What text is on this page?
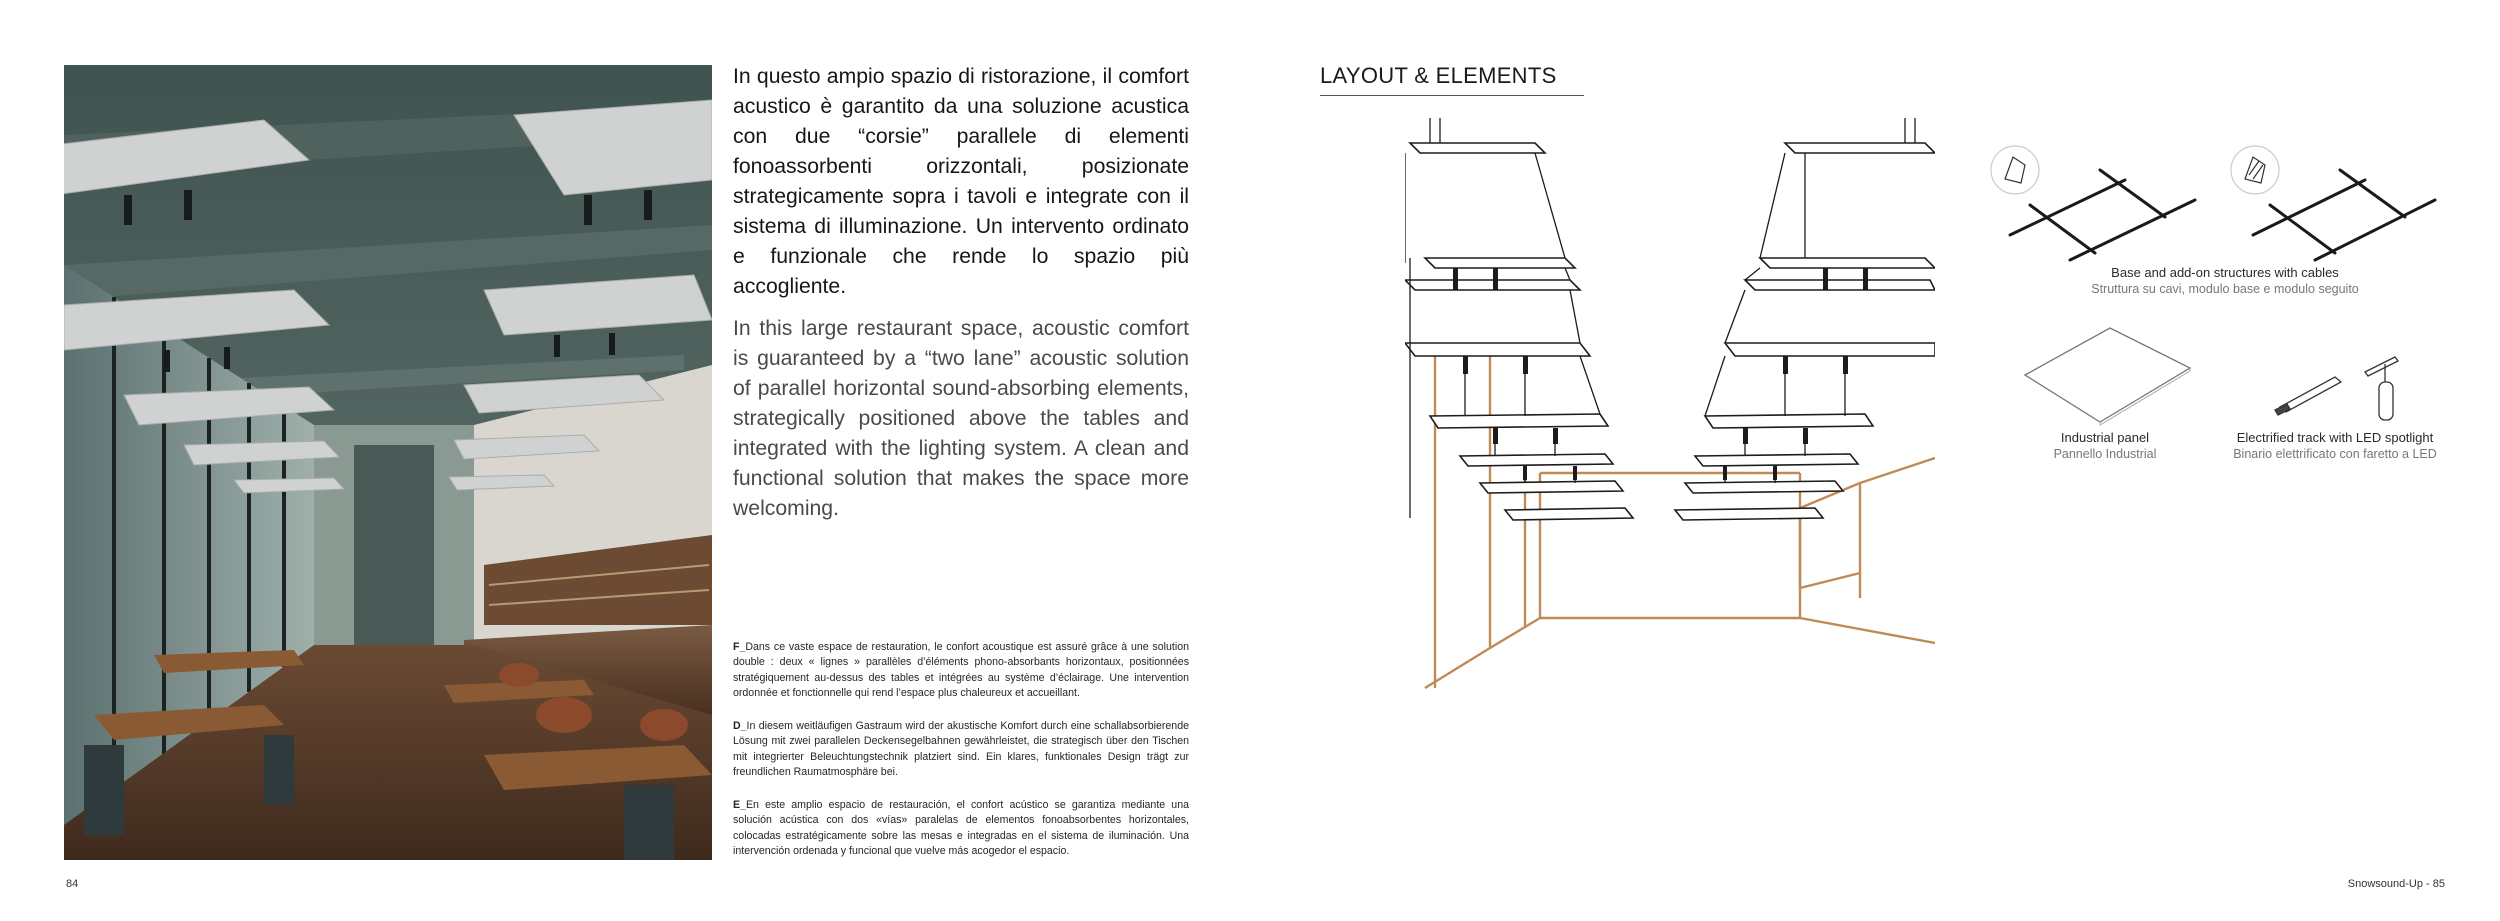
In questo ampio spazio di ristorazione, il comfort acustico è garantito da una soluzione acustica con due “corsie” parallele di elementi fonoassorbenti orizzontali, posizionate strategicamente sopra i tavoli e integrate con il sistema di illuminazione. Un intervento ordinato e funzionale che rende lo spazio più accogliente.

In this large restaurant space, acoustic comfort is guaranteed by a “two lane” acoustic solution of parallel horizontal sound-absorbing elements, strategically positioned above the tables and integrated with the lighting system. A clean and functional solution that makes the space more welcoming.

F_Dans ce vaste espace de restauration, le confort acoustique est assuré grâce à une solution double : deux « lignes » parallèles d’éléments phono-absorbants horizontaux, positionnées stratégiquement au-dessus des tables et intégrées au système d’éclairage. Une intervention ordonnée et fonctionnelle qui rend l’espace plus chaleureux et accueillant.

D_In diesem weitläufigen Gastraum wird der akustische Komfort durch eine schallabsorbierende Lösung mit zwei parallelen Deckensegelbahnen gewährleistet, die strategisch über den Tischen mit integrierter Beleuchtungstechnik platziert sind. Ein klares, funktionales Design trägt zur freundlichen Raumatmosphäre bei.

E_En este amplio espacio de restauración, el confort acústico se garantiza mediante una solución acústica con dos «vías» paralelas de elementos fonoabsorbentes horizontales, colocadas estratégicamente sobre las mesas e integradas en el sistema de iluminación. Una intervención ordenada y funcional que vuelve más acogedor el espacio.

84
LAYOUT & ELEMENTS
Base and add-on structures with cables
Struttura su cavi, modulo base e modulo seguito
Industrial panel
Pannello Industrial
Electrified track with LED spotlight
Binario elettrificato con faretto a LED
Snowsound-Up - 85
